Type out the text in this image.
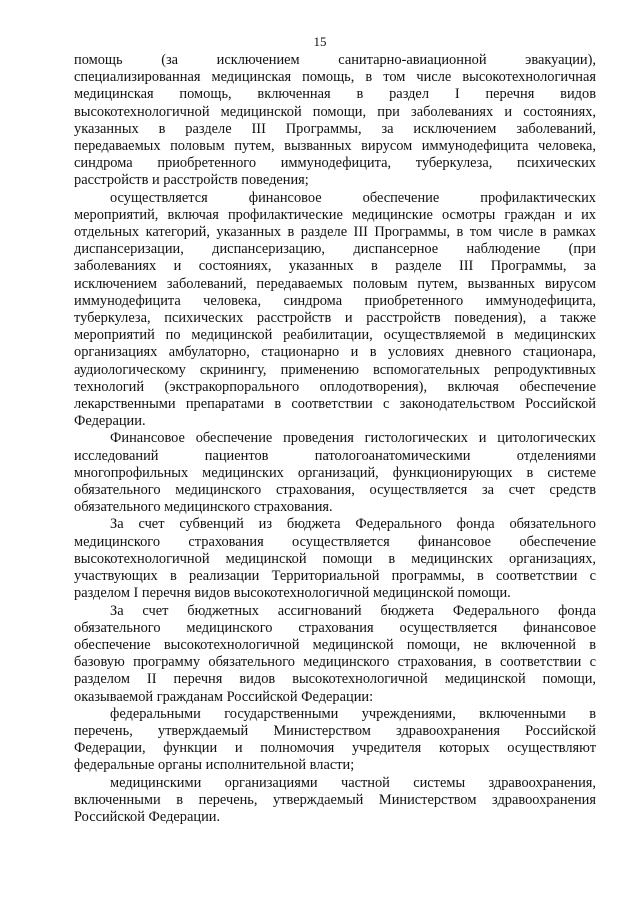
15
помощь (за исключением санитарно-авиационной эвакуации),
специализированная медицинская помощь, в том числе высокотехнологичная
медицинская помощь, включенная в раздел I перечня видов
высокотехнологичной медицинской помощи, при заболеваниях и состояниях,
указанных в разделе III Программы, за исключением заболеваний,
передаваемых половым путем, вызванных вирусом иммунодефицита человека,
синдрома приобретенного иммунодефицита, туберкулеза, психических
расстройств и расстройств поведения;
осуществляется финансовое обеспечение профилактических
мероприятий, включая профилактические медицинские осмотры граждан и их
отдельных категорий, указанных в разделе III Программы, в том числе в рамках
диспансеризации, диспансеризацию, диспансерное наблюдение (при
заболеваниях и состояниях, указанных в разделе III Программы, за
исключением заболеваний, передаваемых половым путем, вызванных вирусом
иммунодефицита человека, синдрома приобретенного иммунодефицита,
туберкулеза, психических расстройств и расстройств поведения), а также
мероприятий по медицинской реабилитации, осуществляемой в медицинских
организациях амбулаторно, стационарно и в условиях дневного стационара,
аудиологическому скринингу, применению вспомогательных репродуктивных
технологий (экстракорпорального оплодотворения), включая обеспечение
лекарственными препаратами в соответствии с законодательством Российской
Федерации.
Финансовое обеспечение проведения гистологических и цитологических
исследований пациентов патологоанатомическими отделениями
многопрофильных медицинских организаций, функционирующих в системе
обязательного медицинского страхования, осуществляется за счет средств
обязательного медицинского страхования.
За счет субвенций из бюджета Федерального фонда обязательного
медицинского страхования осуществляется финансовое обеспечение
высокотехнологичной медицинской помощи в медицинских организациях,
участвующих в реализации Территориальной программы, в соответствии с
разделом I перечня видов высокотехнологичной медицинской помощи.
За счет бюджетных ассигнований бюджета Федерального фонда
обязательного медицинского страхования осуществляется финансовое
обеспечение высокотехнологичной медицинской помощи, не включенной в
базовую программу обязательного медицинского страхования, в соответствии с
разделом II перечня видов высокотехнологичной медицинской помощи,
оказываемой гражданам Российской Федерации:
федеральными государственными учреждениями, включенными в
перечень, утверждаемый Министерством здравоохранения Российской
Федерации, функции и полномочия учредителя которых осуществляют
федеральные органы исполнительной власти;
медицинскими организациями частной системы здравоохранения,
включенными в перечень, утверждаемый Министерством здравоохранения
Российской Федерации.
